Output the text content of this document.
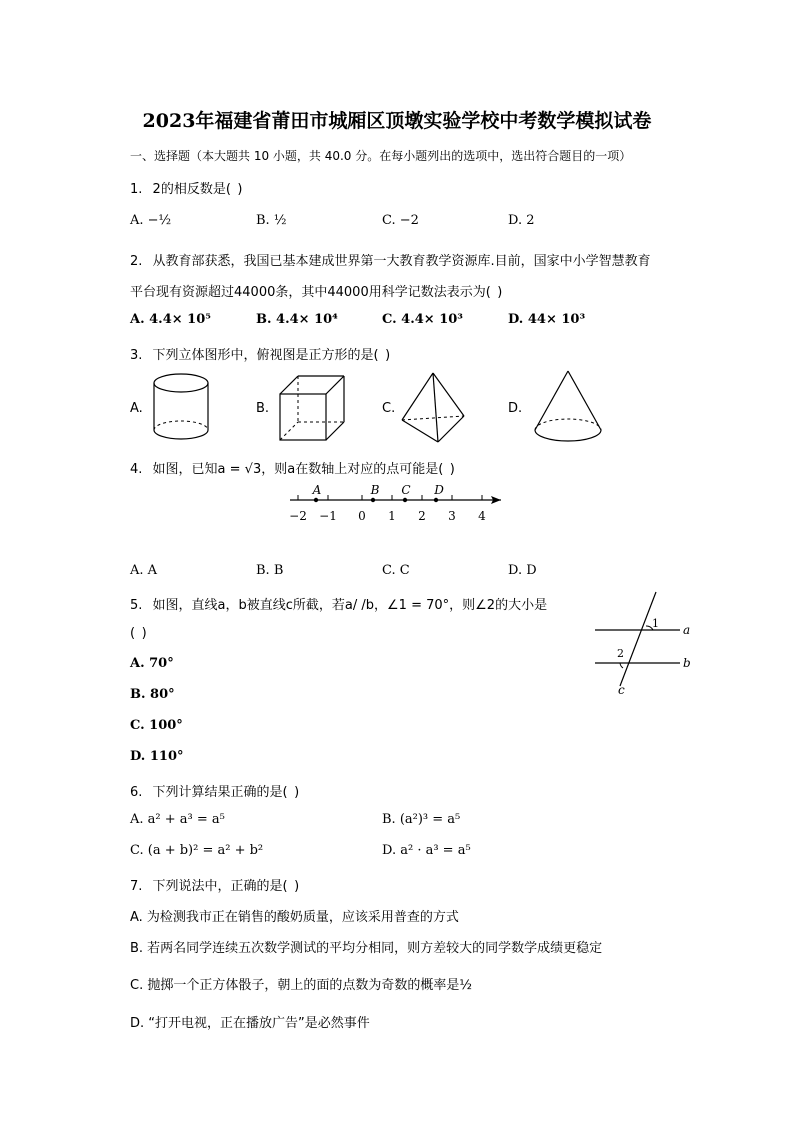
2023年福建省莆田市城厢区顶墩实验学校中考数学模拟试卷
一、选择题（本大题共 10 小题，共 40.0 分。在每小题列出的选项中，选出符合题目的一项）
1. 2的相反数是( )
A. −½	B. ½	C. −2	D. 2
2. 从教育部获悉，我国已基本建成世界第一大教育教学资源库.目前，国家中小学智慧教育
平台现有资源超过44000条，其中44000用科学记数法表示为( )
A. 4.4× 10⁵	B. 4.4× 10⁴	C. 4.4× 10³	D. 44× 10³
3. 下列立体图形中，俯视图是正方形的是( )
A.	B.	C.	D.
4. 如图，已知a = √3，则a在数轴上对应的点可能是( )
−2 −1 0 1 2 3 4
A	B C D
A. A	B. B	C. C	D. D
5. 如图，直线a，b被直线c所截，若a/ /b，∠1 = 70°，则∠2的大小是
( )
A. 70°
B. 80°
C. 100°
D. 110°
1 a
2
b
c
6. 下列计算结果正确的是( )
A. a² + a³ = a⁵	B. (a²)³ = a⁵
C. (a + b)² = a² + b²	D. a² · a³ = a⁵
7. 下列说法中，正确的是( )
A. 为检测我市正在销售的酸奶质量，应该采用普查的方式
B. 若两名同学连续五次数学测试的平均分相同，则方差较大的同学数学成绩更稳定
C. 抛掷一个正方体骰子，朝上的面的点数为奇数的概率是½
D. “打开电视，正在播放广告”是必然事件
